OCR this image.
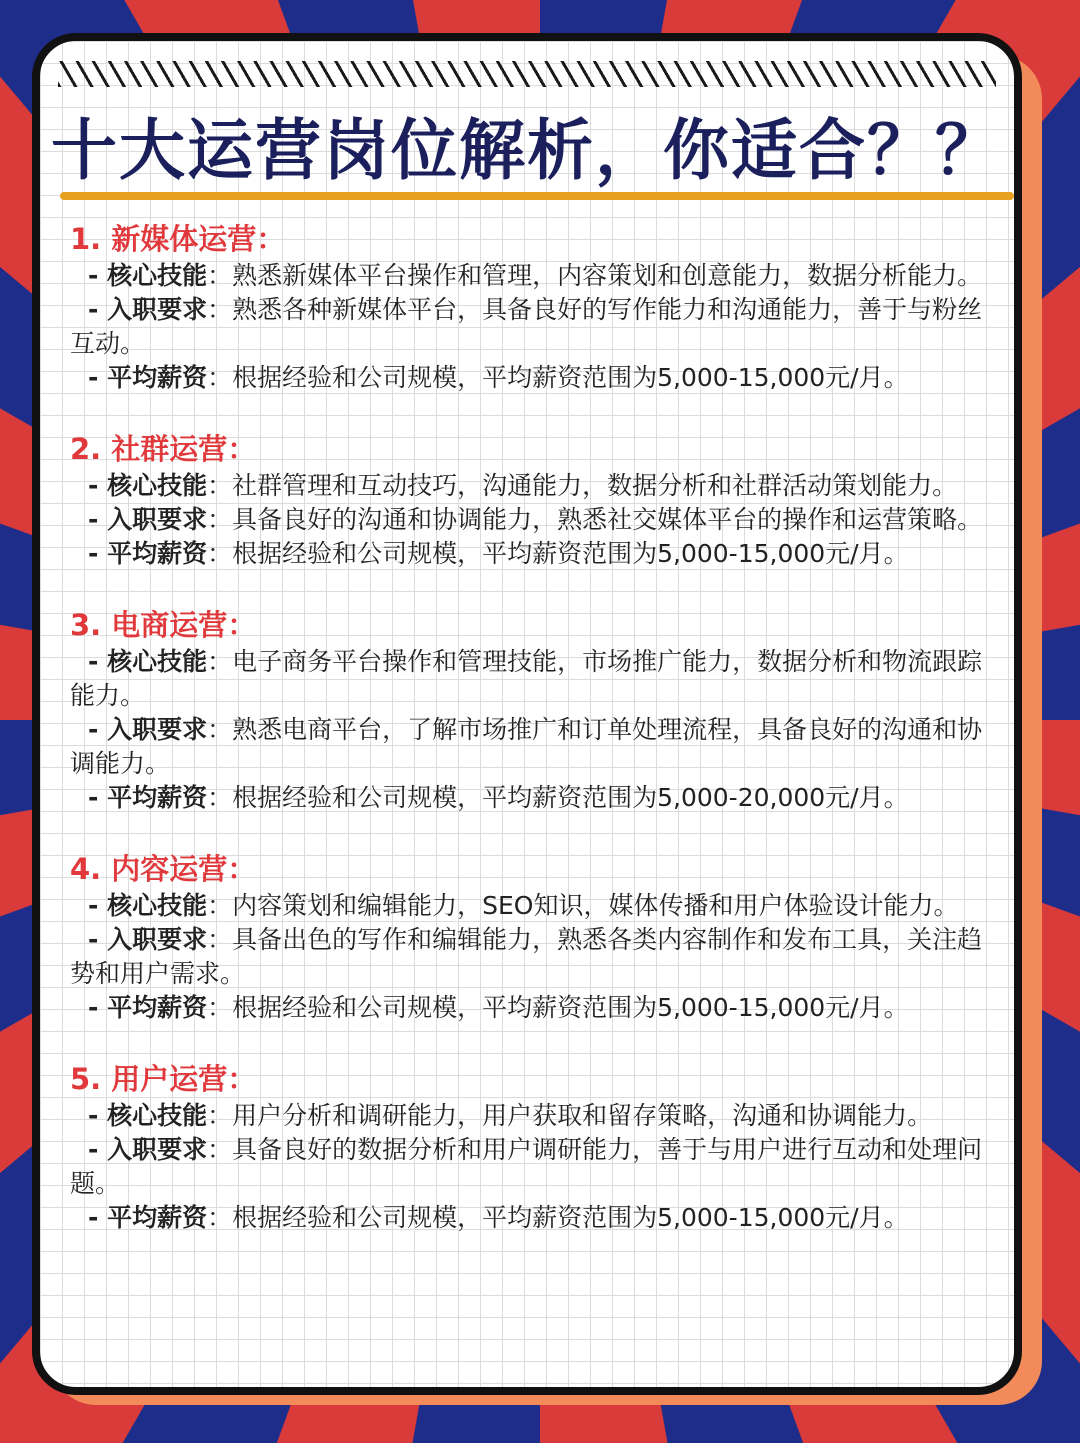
十大运营岗位解析，你适合？？
1. 新媒体运营：
- 核心技能：熟悉新媒体平台操作和管理，内容策划和创意能力，数据分析能力。
- 入职要求：熟悉各种新媒体平台，具备良好的写作能力和沟通能力，善于与粉丝互动。
- 平均薪资：根据经验和公司规模，平均薪资范围为5,000-15,000元/月。
2. 社群运营：
- 核心技能：社群管理和互动技巧，沟通能力，数据分析和社群活动策划能力。
- 入职要求：具备良好的沟通和协调能力，熟悉社交媒体平台的操作和运营策略。
- 平均薪资：根据经验和公司规模，平均薪资范围为5,000-15,000元/月。
3. 电商运营：
- 核心技能：电子商务平台操作和管理技能，市场推广能力，数据分析和物流跟踪能力。
- 入职要求：熟悉电商平台，了解市场推广和订单处理流程，具备良好的沟通和协调能力。
- 平均薪资：根据经验和公司规模，平均薪资范围为5,000-20,000元/月。
4. 内容运营：
- 核心技能：内容策划和编辑能力，SEO知识，媒体传播和用户体验设计能力。
- 入职要求：具备出色的写作和编辑能力，熟悉各类内容制作和发布工具，关注趋势和用户需求。
- 平均薪资：根据经验和公司规模，平均薪资范围为5,000-15,000元/月。
5. 用户运营：
- 核心技能：用户分析和调研能力，用户获取和留存策略，沟通和协调能力。
- 入职要求：具备良好的数据分析和用户调研能力，善于与用户进行互动和处理问题。
- 平均薪资：根据经验和公司规模，平均薪资范围为5,000-15,000元/月。
